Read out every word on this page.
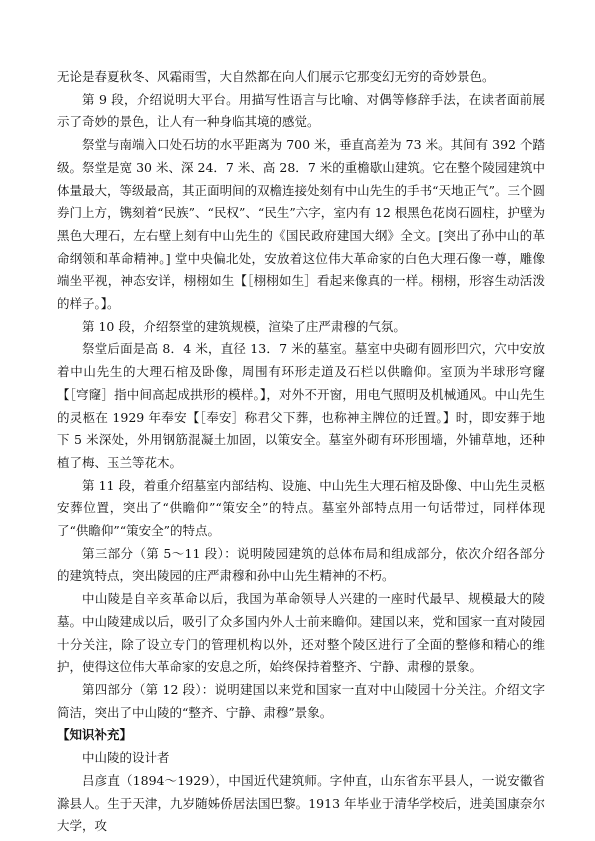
无论是春夏秋冬、风霜雨雪，大自然都在向人们展示它那变幻无穷的奇妙景色。

第 9 段，介绍说明大平台。用描写性语言与比喻、对偶等修辞手法，在读者面前展示了奇妙的景色，让人有一种身临其境的感觉。

祭堂与南端入口处石坊的水平距离为 700 米，垂直高差为 73 米。其间有 392 个踏级。祭堂是宽 30 米、深 24．7 米、高 28．7 米的重檐歇山建筑。它在整个陵园建筑中体量最大，等级最高，其正面明间的双檐连接处刻有中山先生的手书“天地正气”。三个圆券门上方，镌刻着“民族”、“民权”、“民生”六字，室内有 12 根黑色花岗石圆柱，护壁为黑色大理石，左右壁上刻有中山先生的《国民政府建国大纲》全文。[突出了孙中山的革命纲领和革命精神。] 堂中央偏北处，安放着这位伟大革命家的白色大理石像一尊，雕像端坐平视，神态安详，栩栩如生【［栩栩如生］看起来像真的一样。栩栩，形容生动活泼的样子。】。

第 10 段，介绍祭堂的建筑规模，渲染了庄严肃穆的气氛。

祭堂后面是高 8．4 米，直径 13．7 米的墓室。墓室中央砌有圆形凹穴，穴中安放着中山先生的大理石棺及卧像，周围有环形走道及石栏以供瞻仰。室顶为半球形穹窿【［穹窿］指中间高起成拱形的模样。】，对外不开窗，用电气照明及机械通风。中山先生的灵柩在 1929 年奉安【［奉安］称君父下葬，也称神主牌位的迁置。】时，即安葬于地下 5 米深处，外用钢筋混凝土加固，以策安全。墓室外砌有环形围墙，外铺草地，还种植了梅、玉兰等花木。

第 11 段，着重介绍墓室内部结构、设施、中山先生大理石棺及卧像、中山先生灵柩安葬位置，突出了“供瞻仰”“策安全”的特点。墓室外部特点用一句话带过，同样体现了“供瞻仰”“策安全”的特点。

第三部分（第 5～11 段）：说明陵园建筑的总体布局和组成部分，依次介绍各部分的建筑特点，突出陵园的庄严肃穆和孙中山先生精神的不朽。

中山陵是自辛亥革命以后，我国为革命领导人兴建的一座时代最早、规模最大的陵墓。中山陵建成以后，吸引了众多国内外人士前来瞻仰。建国以来，党和国家一直对陵园十分关注，除了设立专门的管理机构以外，还对整个陵区进行了全面的整修和精心的维护，使得这位伟大革命家的安息之所，始终保持着整齐、宁静、肃穆的景象。

第四部分（第 12 段）：说明建国以来党和国家一直对中山陵园十分关注。介绍文字简洁，突出了中山陵的“整齐、宁静、肃穆”景象。

【知识补充】

中山陵的设计者

吕彦直（1894～1929），中国近代建筑师。字仲直，山东省东平县人，一说安徽省滁县人。生于天津，九岁随姊侨居法国巴黎。1913 年毕业于清华学校后，进美国康奈尔大学，攻
